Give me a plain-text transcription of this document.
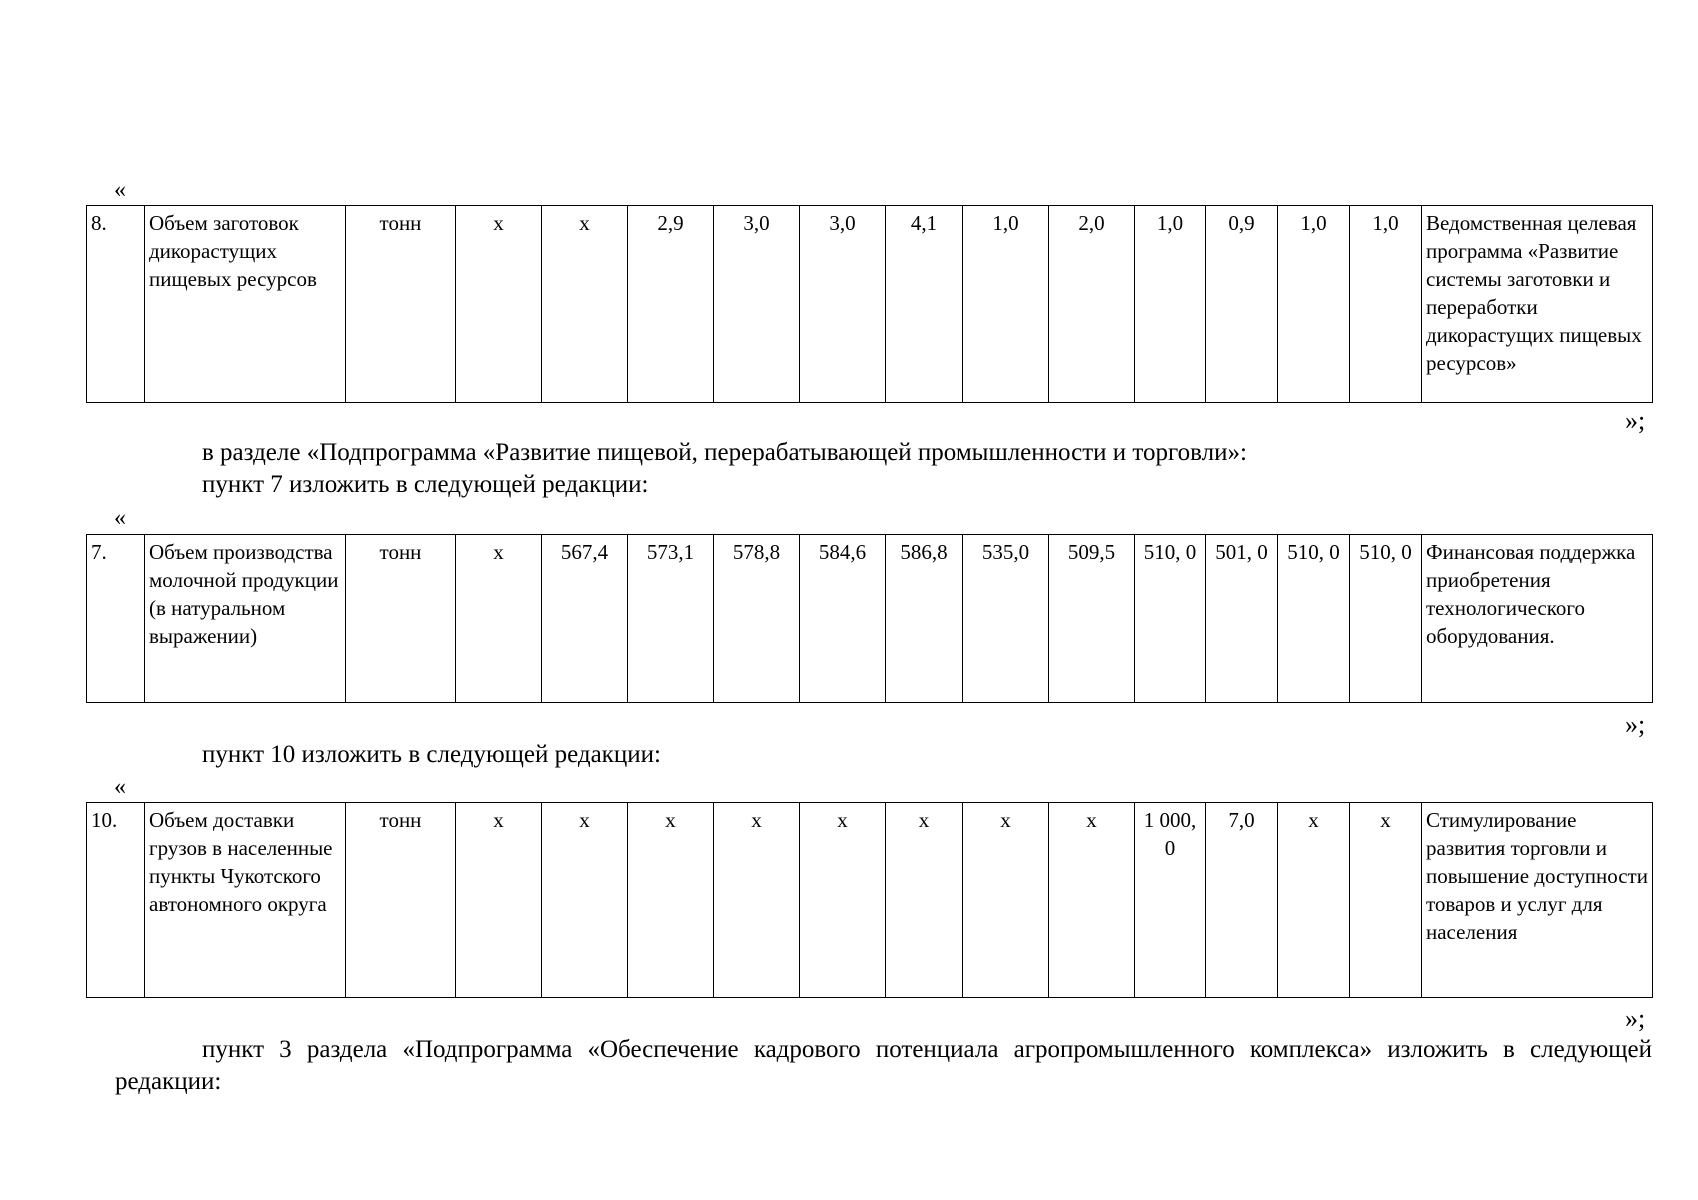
«
8.	Объем заготовок дикорастущих пищевых ресурсов	тонн	х	х	2,9	3,0	3,0	4,1	1,0	2,0	1,0	0,9	1,0	1,0	Ведомственная целевая программа «Развитие системы заготовки и переработки дикорастущих пищевых ресурсов»
»;
в разделе «Подпрограмма «Развитие пищевой, перерабатывающей промышленности и торговли»:
пункт 7 изложить в следующей редакции:
«
7.	Объем производства молочной продукции (в натуральном выражении)	тонн	х	567,4	573,1	578,8	584,6	586,8	535,0	509,5	510, 0	501, 0	510, 0	510, 0	Финансовая поддержка приобретения технологического оборудования.
»;
пункт 10 изложить в следующей редакции:
«
10.	Объем доставки грузов в населенные пункты Чукотского автономного округа	тонн	х	х	х	х	х	х	х	х	1 000, 0	7,0	х	х	Стимулирование развития торговли и повышение доступности товаров и услуг для населения
»;
пункт 3 раздела «Подпрограмма «Обеспечение кадрового потенциала агропромышленного комплекса» изложить в следующей редакции:
